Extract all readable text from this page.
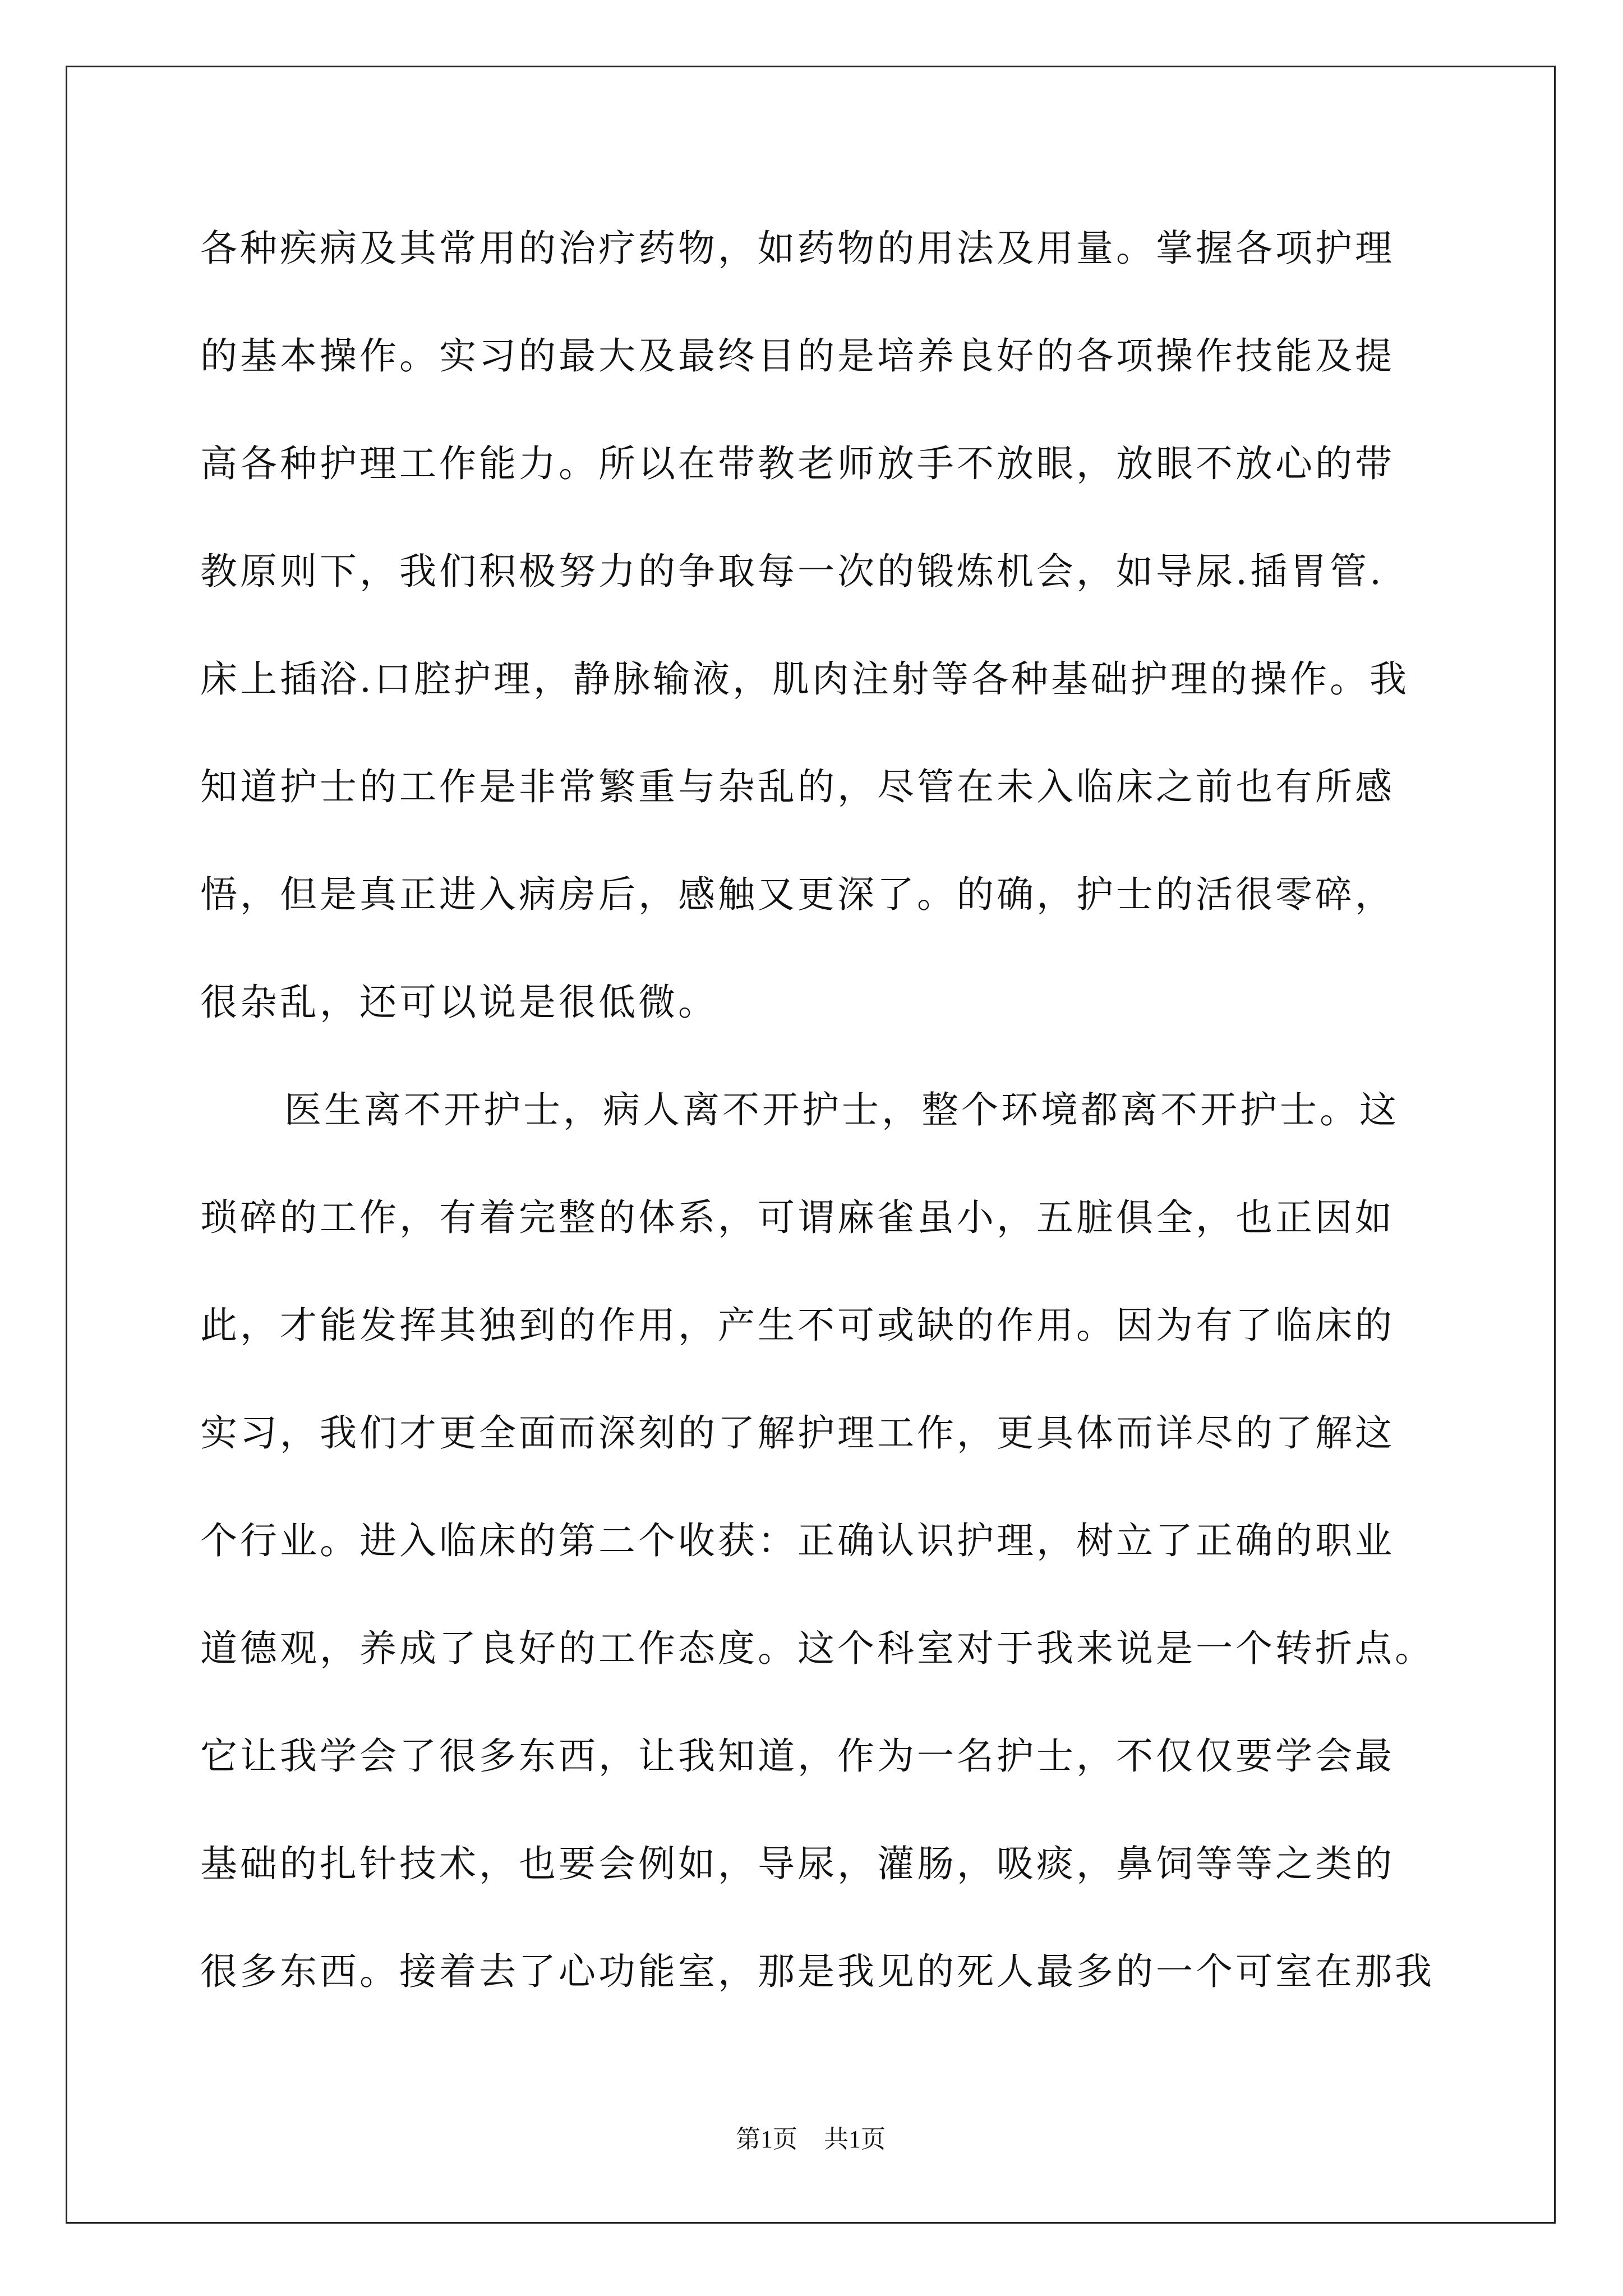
各种疾病及其常用的治疗药物，如药物的用法及用量。掌握各项护理
的基本操作。实习的最大及最终目的是培养良好的各项操作技能及提
高各种护理工作能力。所以在带教老师放手不放眼，放眼不放心的带
教原则下，我们积极努力的争取每一次的锻炼机会，如导尿.插胃管.
床上插浴.口腔护理，静脉输液，肌肉注射等各种基础护理的操作。我
知道护士的工作是非常繁重与杂乱的，尽管在未入临床之前也有所感
悟，但是真正进入病房后，感触又更深了。的确，护士的活很零碎，
很杂乱，还可以说是很低微。
医生离不开护士，病人离不开护士，整个环境都离不开护士。这
琐碎的工作，有着完整的体系，可谓麻雀虽小，五脏俱全，也正因如
此，才能发挥其独到的作用，产生不可或缺的作用。因为有了临床的
实习，我们才更全面而深刻的了解护理工作，更具体而详尽的了解这
个行业。进入临床的第二个收获：正确认识护理，树立了正确的职业
道德观，养成了良好的工作态度。这个科室对于我来说是一个转折点。
它让我学会了很多东西，让我知道，作为一名护士，不仅仅要学会最
基础的扎针技术，也要会例如，导尿，灌肠，吸痰，鼻饲等等之类的
很多东西。接着去了心功能室，那是我见的死人最多的一个可室在那我
第1页 共1页
